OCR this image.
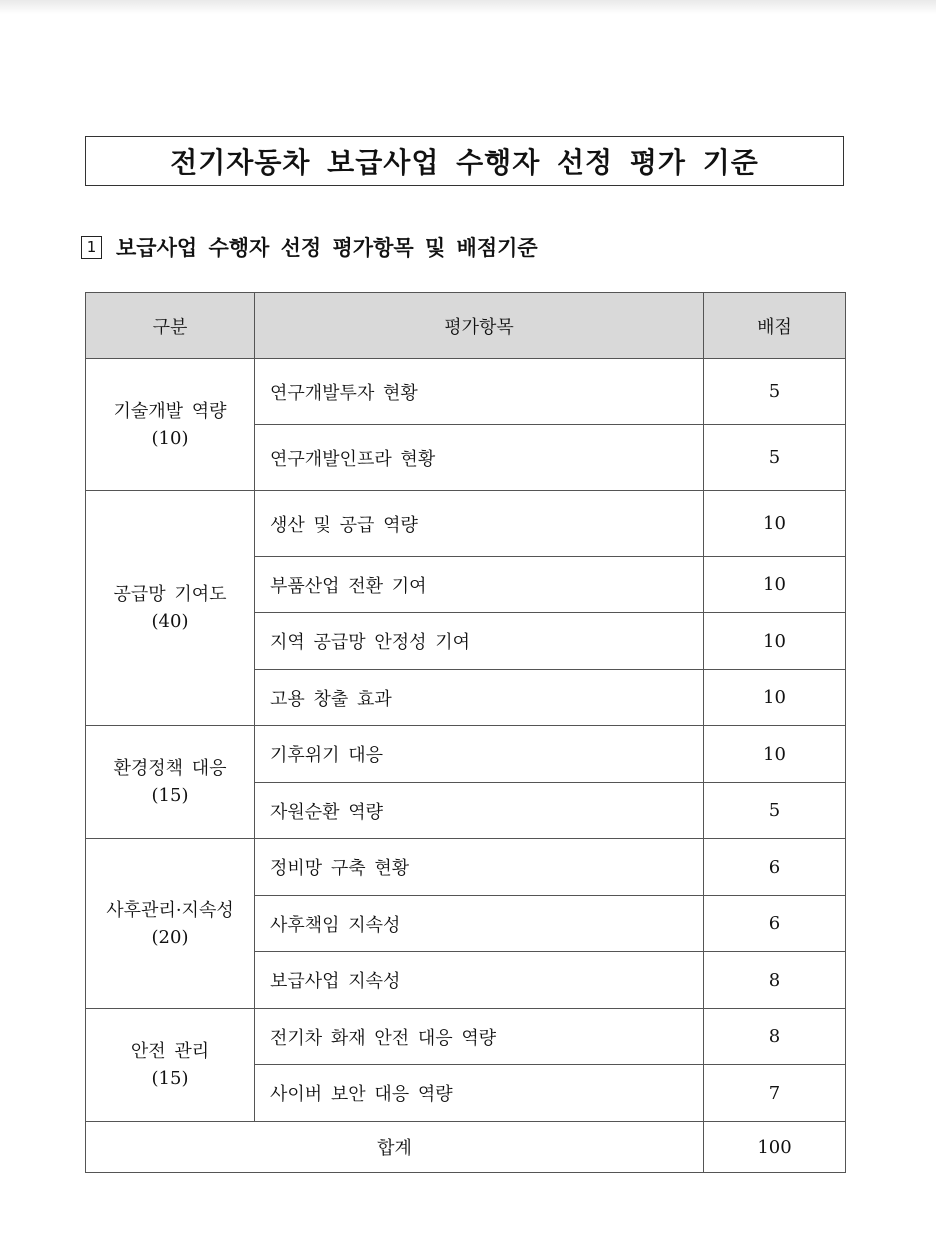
전기자동차 보급사업 수행자 선정 평가 기준
1 보급사업 수행자 선정 평가항목 및 배점기준
구분	평가항목	배점

기술개발 역량
(10)	연구개발투자 현황	5
	연구개발인프라 현황	5

공급망 기여도
(40)	생산 및 공급 역량	10
	부품산업 전환 기여	10
	지역 공급망 안정성 기여	10
	고용 창출 효과	10

환경정책 대응
(15)	기후위기 대응	10
	자원순환 역량	5

사후관리·지속성
(20)	정비망 구축 현황	6
	사후책임 지속성	6
	보급사업 지속성	8

안전 관리
(15)	전기차 화재 안전 대응 역량	8
	사이버 보안 대응 역량	7
합계		100
